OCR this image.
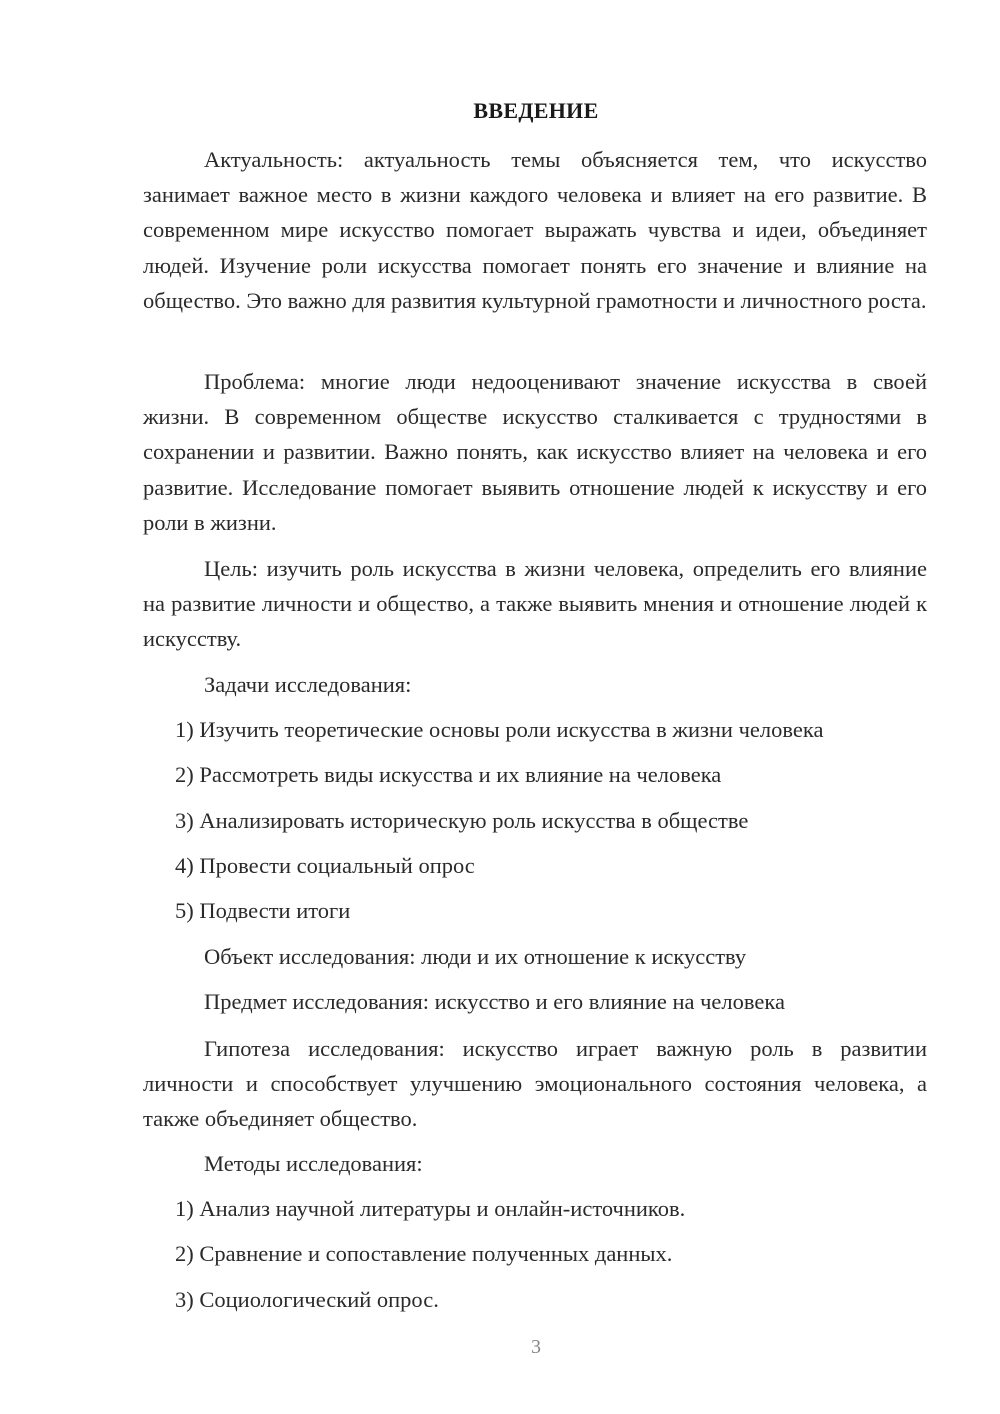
ВВЕДЕНИЕ

Актуальность: актуальность темы объясняется тем, что искусство занимает важное место в жизни каждого человека и влияет на его развитие. В современном мире искусство помогает выражать чувства и идеи, объединяет людей. Изучение роли искусства помогает понять его значение и влияние на общество. Это важно для развития культурной грамотности и личностного роста.

Проблема: многие люди недооценивают значение искусства в своей жизни. В современном обществе искусство сталкивается с трудностями в сохранении и развитии. Важно понять, как искусство влияет на человека и его развитие. Исследование помогает выявить отношение людей к искусству и его роли в жизни.

Цель: изучить роль искусства в жизни человека, определить его влияние на развитие личности и общество, а также выявить мнения и отношение людей к искусству.

Задачи исследования:

1) Изучить теоретические основы роли искусства в жизни человека

2) Рассмотреть виды искусства и их влияние на человека

3) Анализировать историческую роль искусства в обществе

4) Провести социальный опрос

5) Подвести итоги

Объект исследования: люди и их отношение к искусству

Предмет исследования: искусство и его влияние на человека

Гипотеза исследования: искусство играет важную роль в развитии личности и способствует улучшению эмоционального состояния человека, а также объединяет общество.

Методы исследования:

1) Анализ научной литературы и онлайн-источников.

2) Сравнение и сопоставление полученных данных.

3) Социологический опрос.

3
